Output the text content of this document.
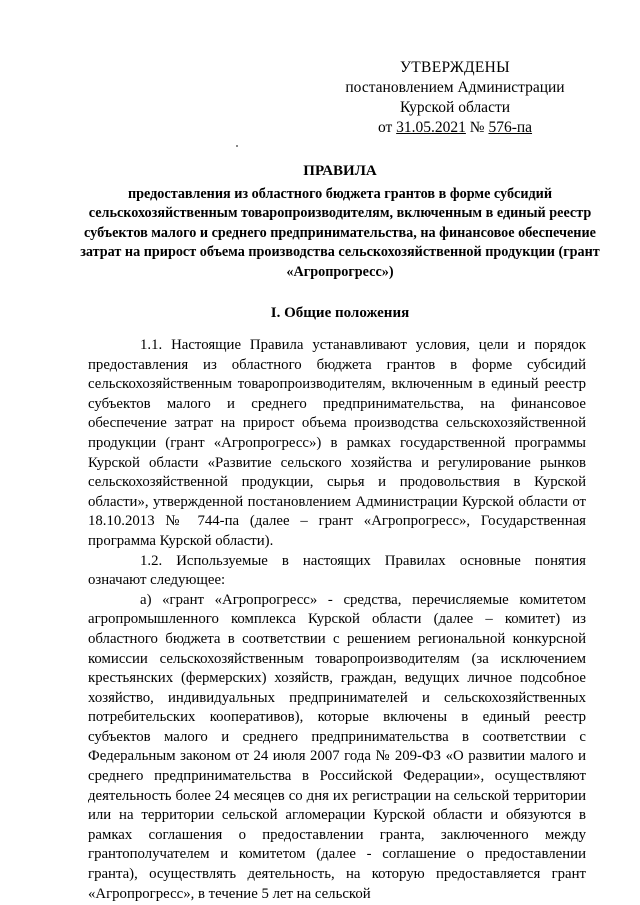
УТВЕРЖДЕНЫ
постановлением Администрации
Курской области
от 31.05.2021 № 576-па
ПРАВИЛА
предоставления из областного бюджета грантов в форме субсидий сельскохозяйственным товаропроизводителям, включенным в единый реестр субъектов малого и среднего предпринимательства, на финансовое обеспечение затрат на прирост объема производства сельскохозяйственной продукции (грант «Агропрогресс»)
I. Общие положения

1.1. Настоящие Правила устанавливают условия, цели и порядок предоставления из областного бюджета грантов в форме субсидий сельскохозяйственным товаропроизводителям, включенным в единый реестр субъектов малого и среднего предпринимательства, на финансовое обеспечение затрат на прирост объема производства сельскохозяйственной продукции (грант «Агропрогресс») в рамках государственной программы Курской области «Развитие сельского хозяйства и регулирование рынков сельскохозяйственной продукции, сырья и продовольствия в Курской области», утвержденной постановлением Администрации Курской области от 18.10.2013 № 744-па (далее – грант «Агропрогресс», Государственная программа Курской области).

1.2. Используемые в настоящих Правилах основные понятия означают следующее:

а) «грант «Агропрогресс» - средства, перечисляемые комитетом агропромышленного комплекса Курской области (далее – комитет) из областного бюджета в соответствии с решением региональной конкурсной комиссии сельскохозяйственным товаропроизводителям (за исключением крестьянских (фермерских) хозяйств, граждан, ведущих личное подсобное хозяйство, индивидуальных предпринимателей и сельскохозяйственных потребительских кооперативов), которые включены в единый реестр субъектов малого и среднего предпринимательства в соответствии с Федеральным законом от 24 июля 2007 года № 209-ФЗ «О развитии малого и среднего предпринимательства в Российской Федерации», осуществляют деятельность более 24 месяцев со дня их регистрации на сельской территории или на территории сельской агломерации Курской области и обязуются в рамках соглашения о предоставлении гранта, заключенного между грантополучателем и комитетом (далее - соглашение о предоставлении гранта), осуществлять деятельность, на которую предоставляется грант «Агропрогресс», в течение 5 лет на сельской
